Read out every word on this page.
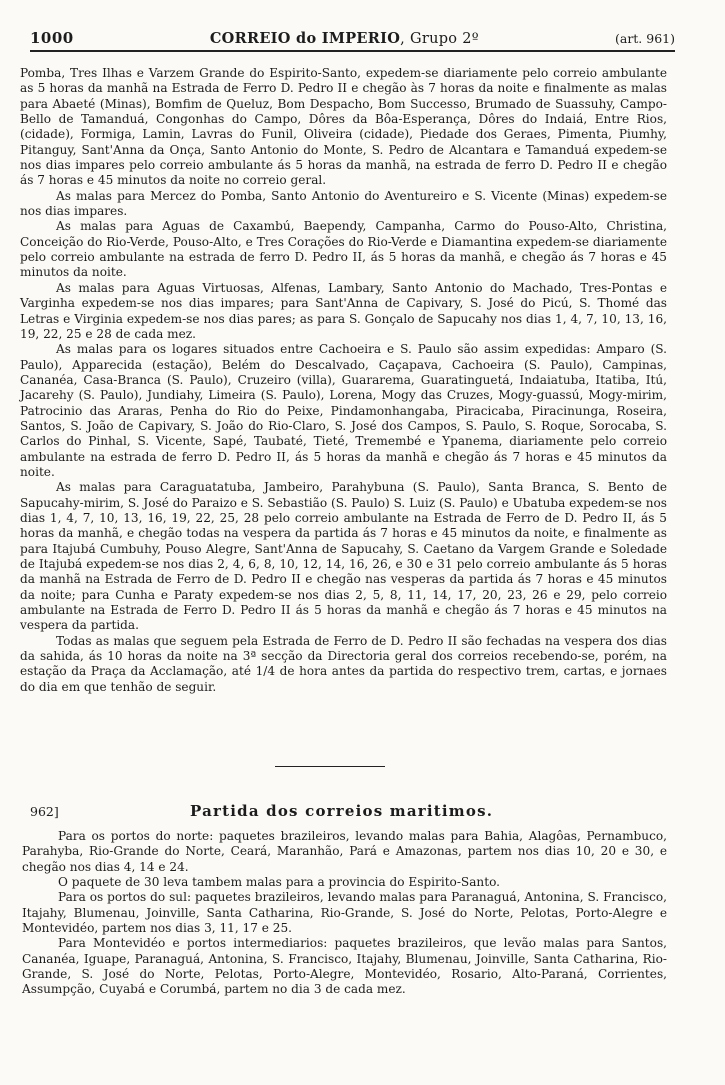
1000	CORREIO do IMPERIO, Grupo 2º	(art. 961)

Pomba, Tres Ilhas e Varzem Grande do Espirito-Santo, expedem-se diariamente pelo correio ambulante as 5 horas da manhã na Estrada de Ferro D. Pedro II e chegão às 7 horas da noite e finalmente as malas para Abaeté (Minas), Bomfim de Queluz, Bom Despacho, Bom Successo, Brumado de Suassuhy, Campo-Bello de Tamanduá, Congonhas do Campo, Dôres da Bôa-Esperança, Dôres do Indaiá, Entre Rios, (cidade), Formiga, Lamin, Lavras do Funil, Oliveira (cidade), Piedade dos Geraes, Pimenta, Piumhy, Pitanguy, Sant'Anna da Onça, Santo Antonio do Monte, S. Pedro de Alcantara e Tamanduá expedem-se nos dias impares pelo correio ambulante ás 5 horas da manhã, na estrada de ferro D. Pedro II e chegão ás 7 horas e 45 minutos da noite no correio geral.

As malas para Mercez do Pomba, Santo Antonio do Aventureiro e S. Vicente (Minas) expedem-se nos dias impares.

As malas para Aguas de Caxambú, Baependy, Campanha, Carmo do Pouso-Alto, Christina, Conceição do Rio-Verde, Pouso-Alto, e Tres Corações do Rio-Verde e Diamantina expedem-se diariamente pelo correio ambulante na estrada de ferro D. Pedro II, ás 5 horas da manhã, e chegão ás 7 horas e 45 minutos da noite.

As malas para Aguas Virtuosas, Alfenas, Lambary, Santo Antonio do Machado, Tres-Pontas e Varginha expedem-se nos dias impares; para Sant'Anna de Capivary, S. José do Picú, S. Thomé das Letras e Virginia expedem-se nos dias pares; as para S. Gonçalo de Sapucahy nos dias 1, 4, 7, 10, 13, 16, 19, 22, 25 e 28 de cada mez.

As malas para os logares situados entre Cachoeira e S. Paulo são assim expedidas: Amparo (S. Paulo), Apparecida (estação), Belém do Descalvado, Caçapava, Cachoeira (S. Paulo), Campinas, Cananéa, Casa-Branca (S. Paulo), Cruzeiro (villa), Guararema, Guaratinguetá, Indaiatuba, Itatiba, Itú, Jacarehy (S. Paulo), Jundiahy, Limeira (S. Paulo), Lorena, Mogy das Cruzes, Mogy-guassú, Mogy-mirim, Patrocinio das Araras, Penha do Rio do Peixe, Pindamonhangaba, Piracicaba, Piracinunga, Roseira, Santos, S. João de Capivary, S. João do Rio-Claro, S. José dos Campos, S. Paulo, S. Roque, Sorocaba, S. Carlos do Pinhal, S. Vicente, Sapé, Taubaté, Tieté, Tremembé e Ypanema, diariamente pelo correio ambulante na estrada de ferro D. Pedro II, ás 5 horas da manhã e chegão ás 7 horas e 45 minutos da noite.

As malas para Caraguatatuba, Jambeiro, Parahybuna (S. Paulo), Santa Branca, S. Bento de Sapucahy-mirim, S. José do Paraizo e S. Sebastião (S. Paulo) S. Luiz (S. Paulo) e Ubatuba expedem-se nos dias 1, 4, 7, 10, 13, 16, 19, 22, 25, 28 pelo correio ambulante na Estrada de Ferro de D. Pedro II, ás 5 horas da manhã, e chegão todas na vespera da partida ás 7 horas e 45 minutos da noite, e finalmente as para Itajubá Cumbuhy, Pouso Alegre, Sant'Anna de Sapucahy, S. Caetano da Vargem Grande e Soledade de Itajubá expedem-se nos dias 2, 4, 6, 8, 10, 12, 14, 16, 26, e 30 e 31 pelo correio ambulante ás 5 horas da manhã na Estrada de Ferro de D. Pedro II e chegão nas vesperas da partida ás 7 horas e 45 minutos da noite; para Cunha e Paraty expedem-se nos dias 2, 5, 8, 11, 14, 17, 20, 23, 26 e 29, pelo correio ambulante na Estrada de Ferro D. Pedro II ás 5 horas da manhã e chegão ás 7 horas e 45 minutos na vespera da partida.

Todas as malas que seguem pela Estrada de Ferro de D. Pedro II são fechadas na vespera dos dias da sahida, ás 10 horas da noite na 3ª secção da Directoria geral dos correios recebendo-se, porém, na estação da Praça da Acclamação, até 1/4 de hora antes da partida do respectivo trem, cartas, e jornaes do dia em que tenhão de seguir.

962]	Partida dos correios maritimos.

Para os portos do norte: paquetes brazileiros, levando malas para Bahia, Alagôas, Pernambuco, Parahyba, Rio-Grande do Norte, Ceará, Maranhão, Pará e Amazonas, partem nos dias 10, 20 e 30, e chegão nos dias 4, 14 e 24.

O paquete de 30 leva tambem malas para a provincia do Espirito-Santo.

Para os portos do sul: paquetes brazileiros, levando malas para Paranaguá, Antonina, S. Francisco, Itajahy, Blumenau, Joinville, Santa Catharina, Rio-Grande, S. José do Norte, Pelotas, Porto-Alegre e Montevidéo, partem nos dias 3, 11, 17 e 25.

Para Montevidéo e portos intermediarios: paquetes brazileiros, que levão malas para Santos, Cananéa, Iguape, Paranaguá, Antonina, S. Francisco, Itajahy, Blumenau, Joinville, Santa Catharina, Rio-Grande, S. José do Norte, Pelotas, Porto-Alegre, Montevidéo, Rosario, Alto-Paraná, Corrientes, Assumpção, Cuyabá e Corumbá, partem no dia 3 de cada mez.
